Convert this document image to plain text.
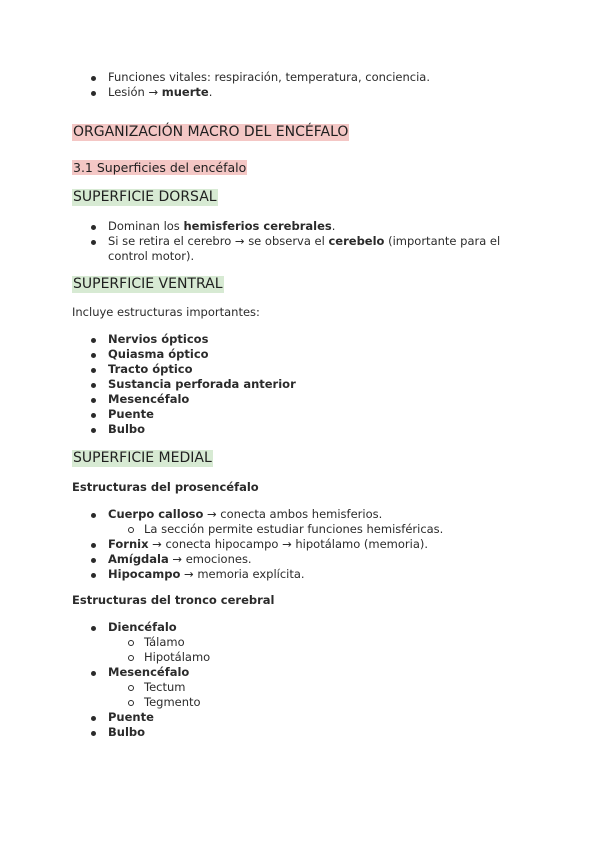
Funciones vitales: respiración, temperatura, conciencia.
Lesión → muerte.
ORGANIZACIÓN MACRO DEL ENCÉFALO
3.1 Superficies del encéfalo
SUPERFICIE DORSAL
Dominan los hemisferios cerebrales.
Si se retira el cerebro → se observa el cerebelo (importante para el control motor).
SUPERFICIE VENTRAL
Incluye estructuras importantes:
Nervios ópticos
Quiasma óptico
Tracto óptico
Sustancia perforada anterior
Mesencéfalo
Puente
Bulbo
SUPERFICIE MEDIAL
Estructuras del prosencéfalo
Cuerpo calloso → conecta ambos hemisferios.
La sección permite estudiar funciones hemisféricas.
Fornix → conecta hipocampo → hipotálamo (memoria).
Amígdala → emociones.
Hipocampo → memoria explícita.
Estructuras del tronco cerebral
Diencéfalo
Tálamo
Hipotálamo
Mesencéfalo
Tectum
Tegmento
Puente
Bulbo
